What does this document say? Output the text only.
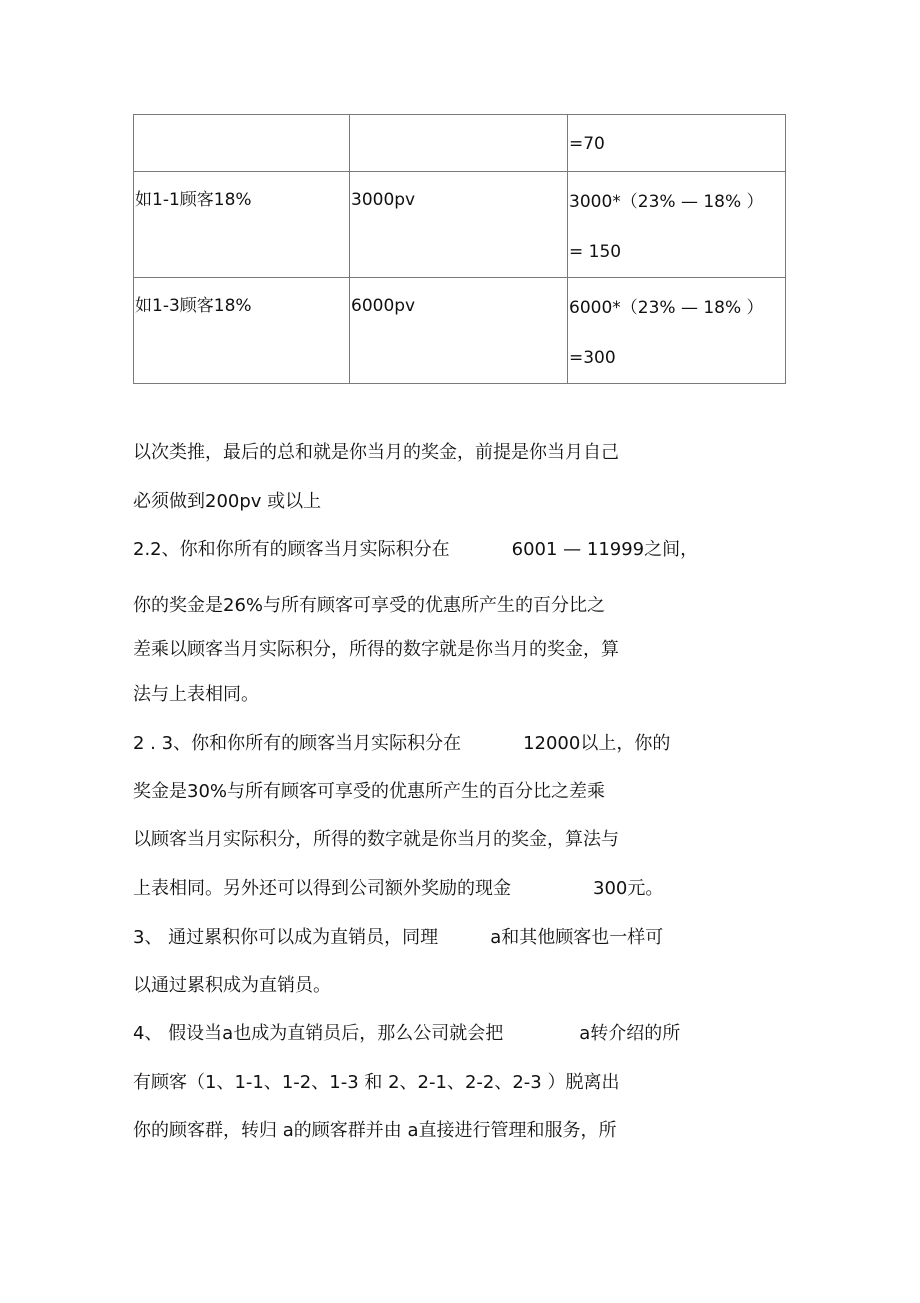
		=70

如1-1顾客18%	3000pv	3000*（23% — 18% ）
= 150

如1-3顾客18%	6000pv	6000*（23% — 18% ）
=300

以次类推，最后的总和就是你当月的奖金，前提是你当月自己

必须做到200pv 或以上

2.2、你和你所有的顾客当月实际积分在	6001 — 11999之间，

你的奖金是26%与所有顾客可享受的优惠所产生的百分比之

差乘以顾客当月实际积分，所得的数字就是你当月的奖金，算

法与上表相同。

2 . 3、你和你所有的顾客当月实际积分在	12000以上，你的

奖金是30%与所有顾客可享受的优惠所产生的百分比之差乘

以顾客当月实际积分，所得的数字就是你当月的奖金，算法与

上表相同。另外还可以得到公司额外奖励的现金	300元。

3、 通过累积你可以成为直销员，同理	a和其他顾客也一样可

以通过累积成为直销员。

4、 假设当a也成为直销员后，那么公司就会把	a转介绍的所

有顾客（1、1-1、1-2、1-3 和 2、2-1、2-2、2-3 ）脱离出

你的顾客群，转归 a的顾客群并由 a直接进行管理和服务，所
